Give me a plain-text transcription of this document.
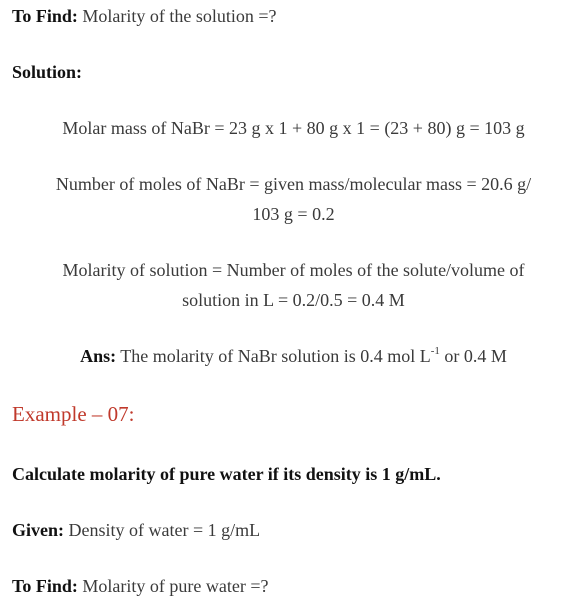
To Find: Molarity of the solution =?
Solution:
Molar mass of NaBr = 23 g x 1 + 80 g x 1 = (23 + 80) g = 103 g
Number of moles of NaBr = given mass/molecular mass = 20.6 g/
103 g = 0.2
Molarity of solution = Number of moles of the solute/volume of
solution in L = 0.2/0.5 = 0.4 M
Ans: The molarity of NaBr solution is 0.4 mol $L^{-1}$ or 0.4 M
Example – 07:
Calculate molarity of pure water if its density is 1 g/mL.
Given: Density of water = 1 g/mL
To Find: Molarity of pure water =?
